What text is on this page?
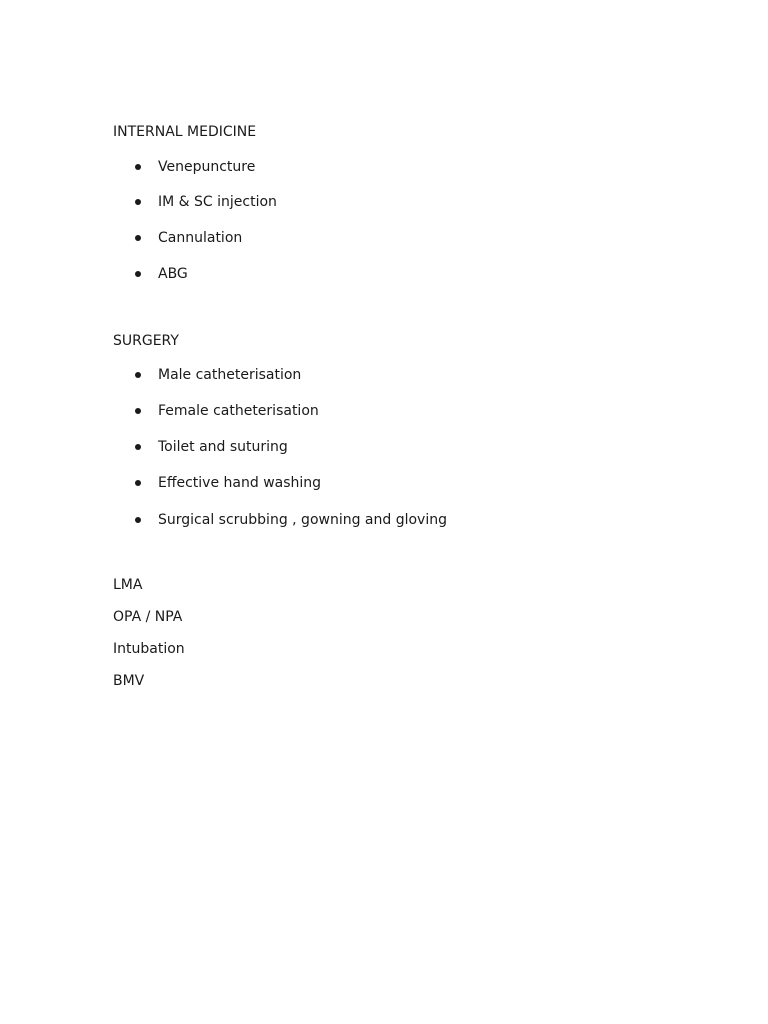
INTERNAL MEDICINE
Venepuncture
IM & SC injection
Cannulation
ABG
SURGERY
Male catheterisation
Female catheterisation
Toilet and suturing
Effective hand washing
Surgical scrubbing , gowning and gloving
LMA
OPA / NPA
Intubation
BMV
